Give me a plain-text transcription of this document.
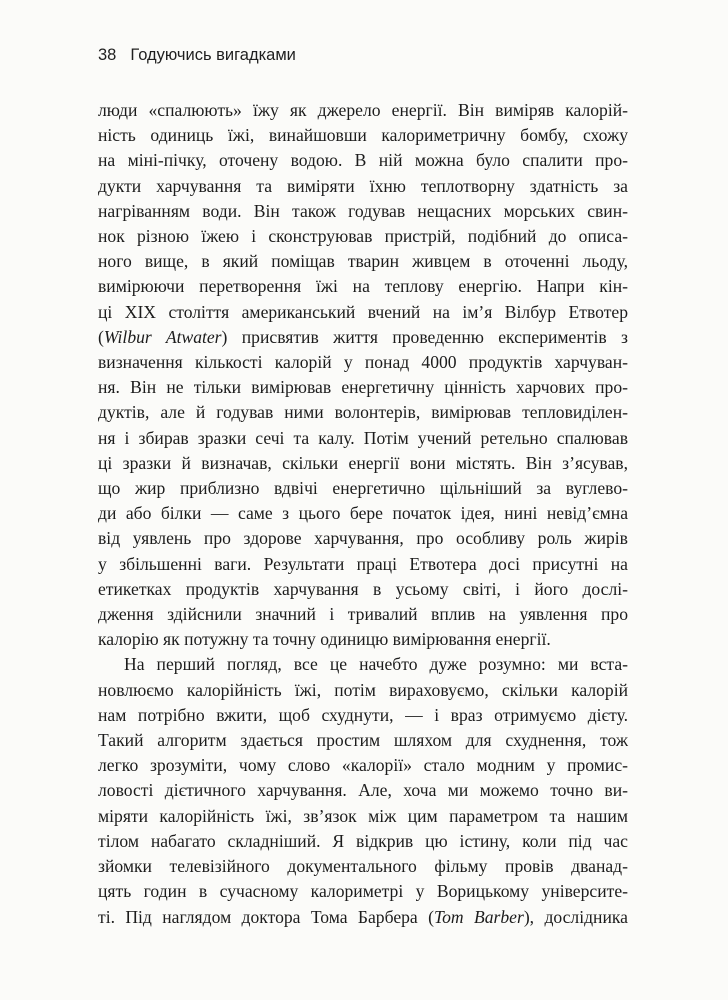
38 Годуючись вигадками
люди «спалюють» їжу як джерело енергії. Він виміряв калорій-
ність одиниць їжі, винайшовши калориметричну бомбу, схожу
на міні-пічку, оточену водою. В ній можна було спалити про-
дукти харчування та виміряти їхню теплотворну здатність за
нагріванням води. Він також годував нещасних морських свин-
нок різною їжею і сконструював пристрій, подібний до описа-
ного вище, в який поміщав тварин живцем в оточенні льоду,
вимірюючи перетворення їжі на теплову енергію. Напри кін-
ці XIX століття американський вчений на ім’я Вілбур Етвотер
(Wilbur Atwater) присвятив життя проведенню експериментів з
визначення кількості калорій у понад 4000 продуктів харчуван-
ня. Він не тільки вимірював енергетичну цінність харчових про-
дуктів, але й годував ними волонтерів, вимірював тепловиділен-
ня і збирав зразки сечі та калу. Потім учений ретельно спалював
ці зразки й визначав, скільки енергії вони містять. Він з’ясував,
що жир приблизно вдвічі енергетично щільніший за вуглево-
ди або білки — саме з цього бере початок ідея, нині невід’ємна
від уявлень про здорове харчування, про особливу роль жирів
у збільшенні ваги. Результати праці Етвотера досі присутні на
етикетках продуктів харчування в усьому світі, і його дослі-
дження здійснили значний і тривалий вплив на уявлення про
калорію як потужну та точну одиницю вимірювання енергії.
На перший погляд, все це начебто дуже розумно: ми вста-
новлюємо калорійність їжі, потім вираховуємо, скільки калорій
нам потрібно вжити, щоб схуднути, — і враз отримуємо дієту.
Такий алгоритм здається простим шляхом для схуднення, тож
легко зрозуміти, чому слово «калорії» стало модним у промис-
ловості дієтичного харчування. Але, хоча ми можемо точно ви-
міряти калорійність їжі, зв’язок між цим параметром та нашим
тілом набагато складніший. Я відкрив цю істину, коли під час
зйомки телевізійного документального фільму провів дванад-
цять годин в сучасному калориметрі у Ворицькому університе-
ті. Під наглядом доктора Тома Барбера (Tom Barber), дослідника
